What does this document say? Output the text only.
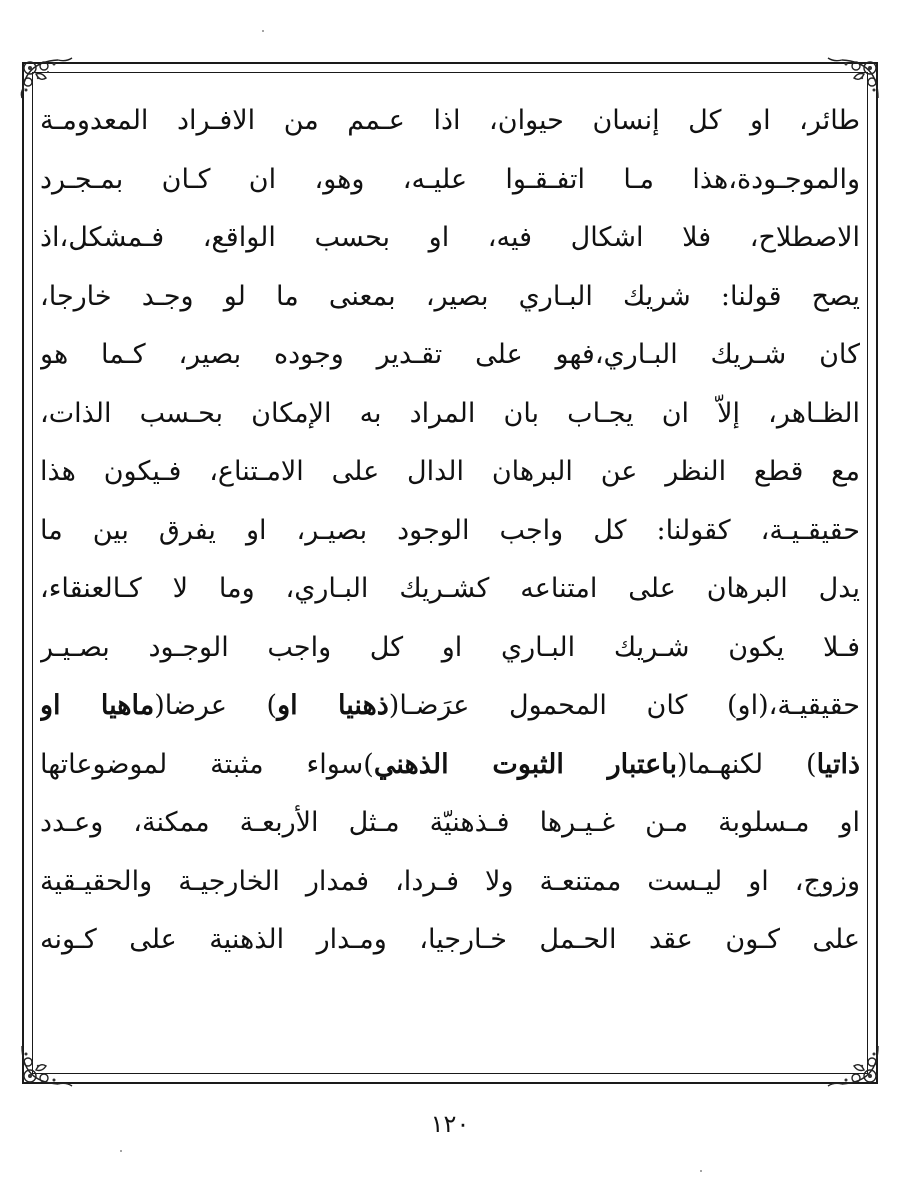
طائر، او كل إنسان حيوان، اذا عـمم من الافـراد المعدومـة
والموجـودة،هذا مـا اتفـقـوا عليـه، وهو، ان كـان بمـجـرد
الاصطلاح، فلا اشكال فيه، او بحسب الواقع، فـمشكل،اذ
يصح قولنا: شريك البـاري بصير، بمعنى ما لو وجـد خارجا،
كان شـريك البـاري،فهو على تقـدير وجوده بصير، كـما هو
الظـاهر، إلاّ ان يجـاب بان المراد به الإمكان بحـسب الذات،
مع قطع النظر عن البرهان الدال على الامـتناع، فـيكون هذا
حقيقـيـة، كقولنا: كل واجب الوجود بصيـر، او يفرق بين ما
يدل البرهان على امتناعه كشـريك البـاري، وما لا كـالعنقاء،
فـلا يكون شـريك البـاري او كل واجب الوجـود بصـيـر
حقيقيـة،(او) كان المحمول عرَضـا(ذهنيا او) عرضا(ماهيا او
ذاتيا) لكنهـما(باعتبار الثبوت الذهني)سواء مثبتة لموضوعاتها
او مـسلوبة مـن غـيـرها فـذهنيّة مـثل الأربعـة ممكنة، وعـدد
وزوج، او ليـست ممتنعـة ولا فـردا، فمدار الخارجيـة والحقيـقية
على كـون عقد الحـمل خـارجيا، ومـدار الذهنية على كـونه
١٢٠
